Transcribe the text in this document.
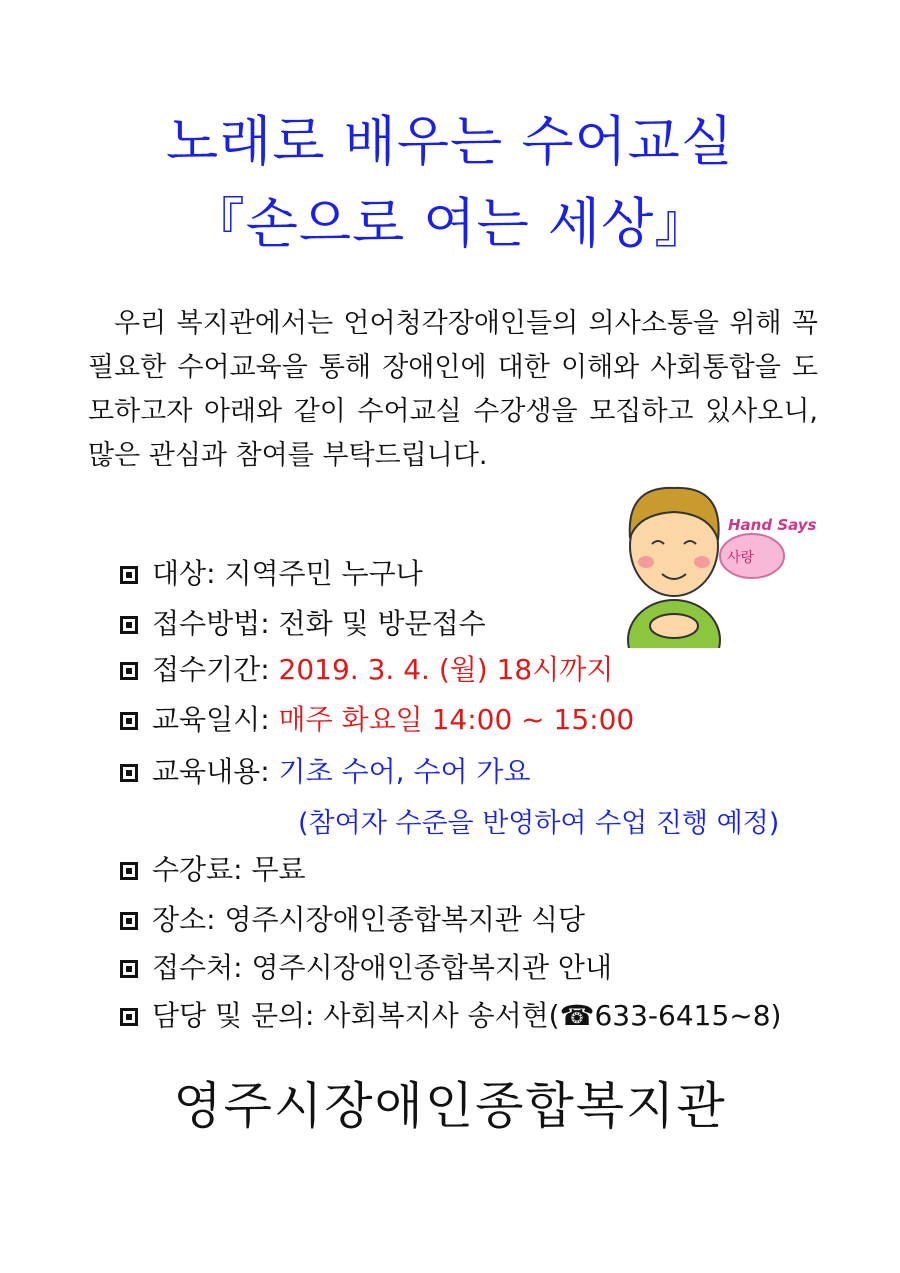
노래로 배우는 수어교실
『손으로 여는 세상』
우리 복지관에서는 언어청각장애인들의 의사소통을 위해 꼭 필요한 수어교육을 통해 장애인에 대한 이해와 사회통합을 도모하고자 아래와 같이 수어교실 수강생을 모집하고 있사오니, 많은 관심과 참여를 부탁드립니다.
Hand Says
사랑
대상: 지역주민 누구나
접수방법: 전화 및 방문접수
접수기간: 2019. 3. 4. (월) 18시까지
교육일시: 매주 화요일 14:00 ~ 15:00
교육내용: 기초 수어, 수어 가요
(참여자 수준을 반영하여 수업 진행 예정)
수강료: 무료
장소: 영주시장애인종합복지관 식당
접수처: 영주시장애인종합복지관 안내
담당 및 문의: 사회복지사 송서현(☎633-6415~8)
영주시장애인종합복지관
